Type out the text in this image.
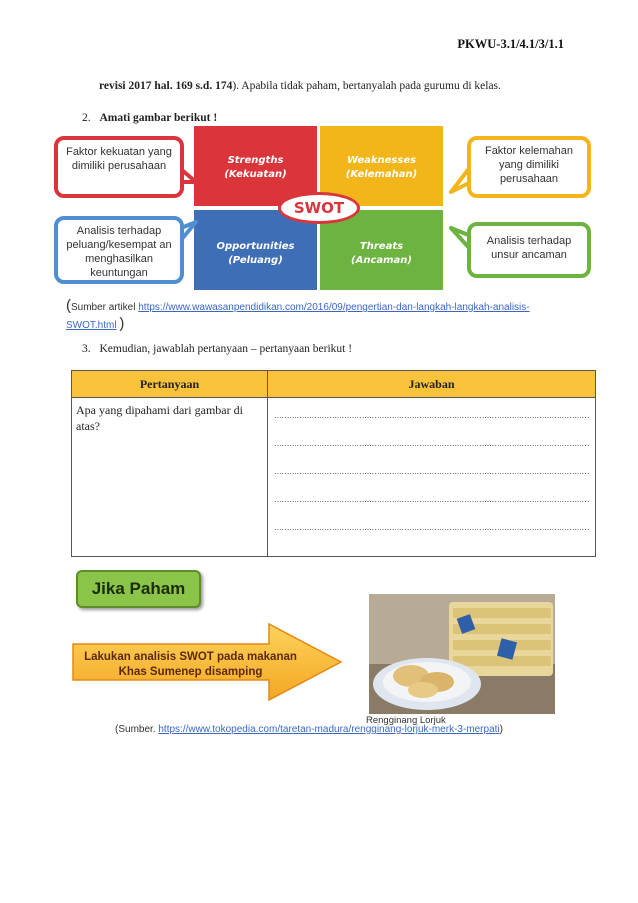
PKWU-3.1/4.1/3/1.1
revisi 2017 hal. 169 s.d. 174). Apabila tidak paham, bertanyalah pada gurumu di kelas.
2. Amati gambar berikut !
Strengths
(Kekuatan)
Weaknesses
(Kelemahan)
Opportunities
(Peluang)
Threats
(Ancaman)
SWOT
Faktor kekuatan yang dimiliki perusahaan
Faktor kelemahan yang dimiliki perusahaan
Analisis terhadap peluang/kesempat an menghasilkan keuntungan
Analisis terhadap unsur ancaman
(Sumber artikel https://www.wawasanpendidikan.com/2016/09/pengertian-dan-langkah-langkah-analisis-SWOT.html )
3. Kemudian, jawablah pertanyaan – pertanyaan berikut !
Pertanyaan	Jawaban
Apa yang dipahami dari gambar di atas?	………………………………………………………………………………………………………………
………………………………………………………………………………………………………………
………………………………………………………………………………………………………………
………………………………………………………………………………………………………………
………………………………………………………………………………………………………………
Jika Paham
Lakukan analisis SWOT pada makanan Khas Sumenep disamping
Rengginang Lorjuk
(Sumber. https://www.tokopedia.com/taretan-madura/rengginang-lorjuk-merk-3-merpati)
